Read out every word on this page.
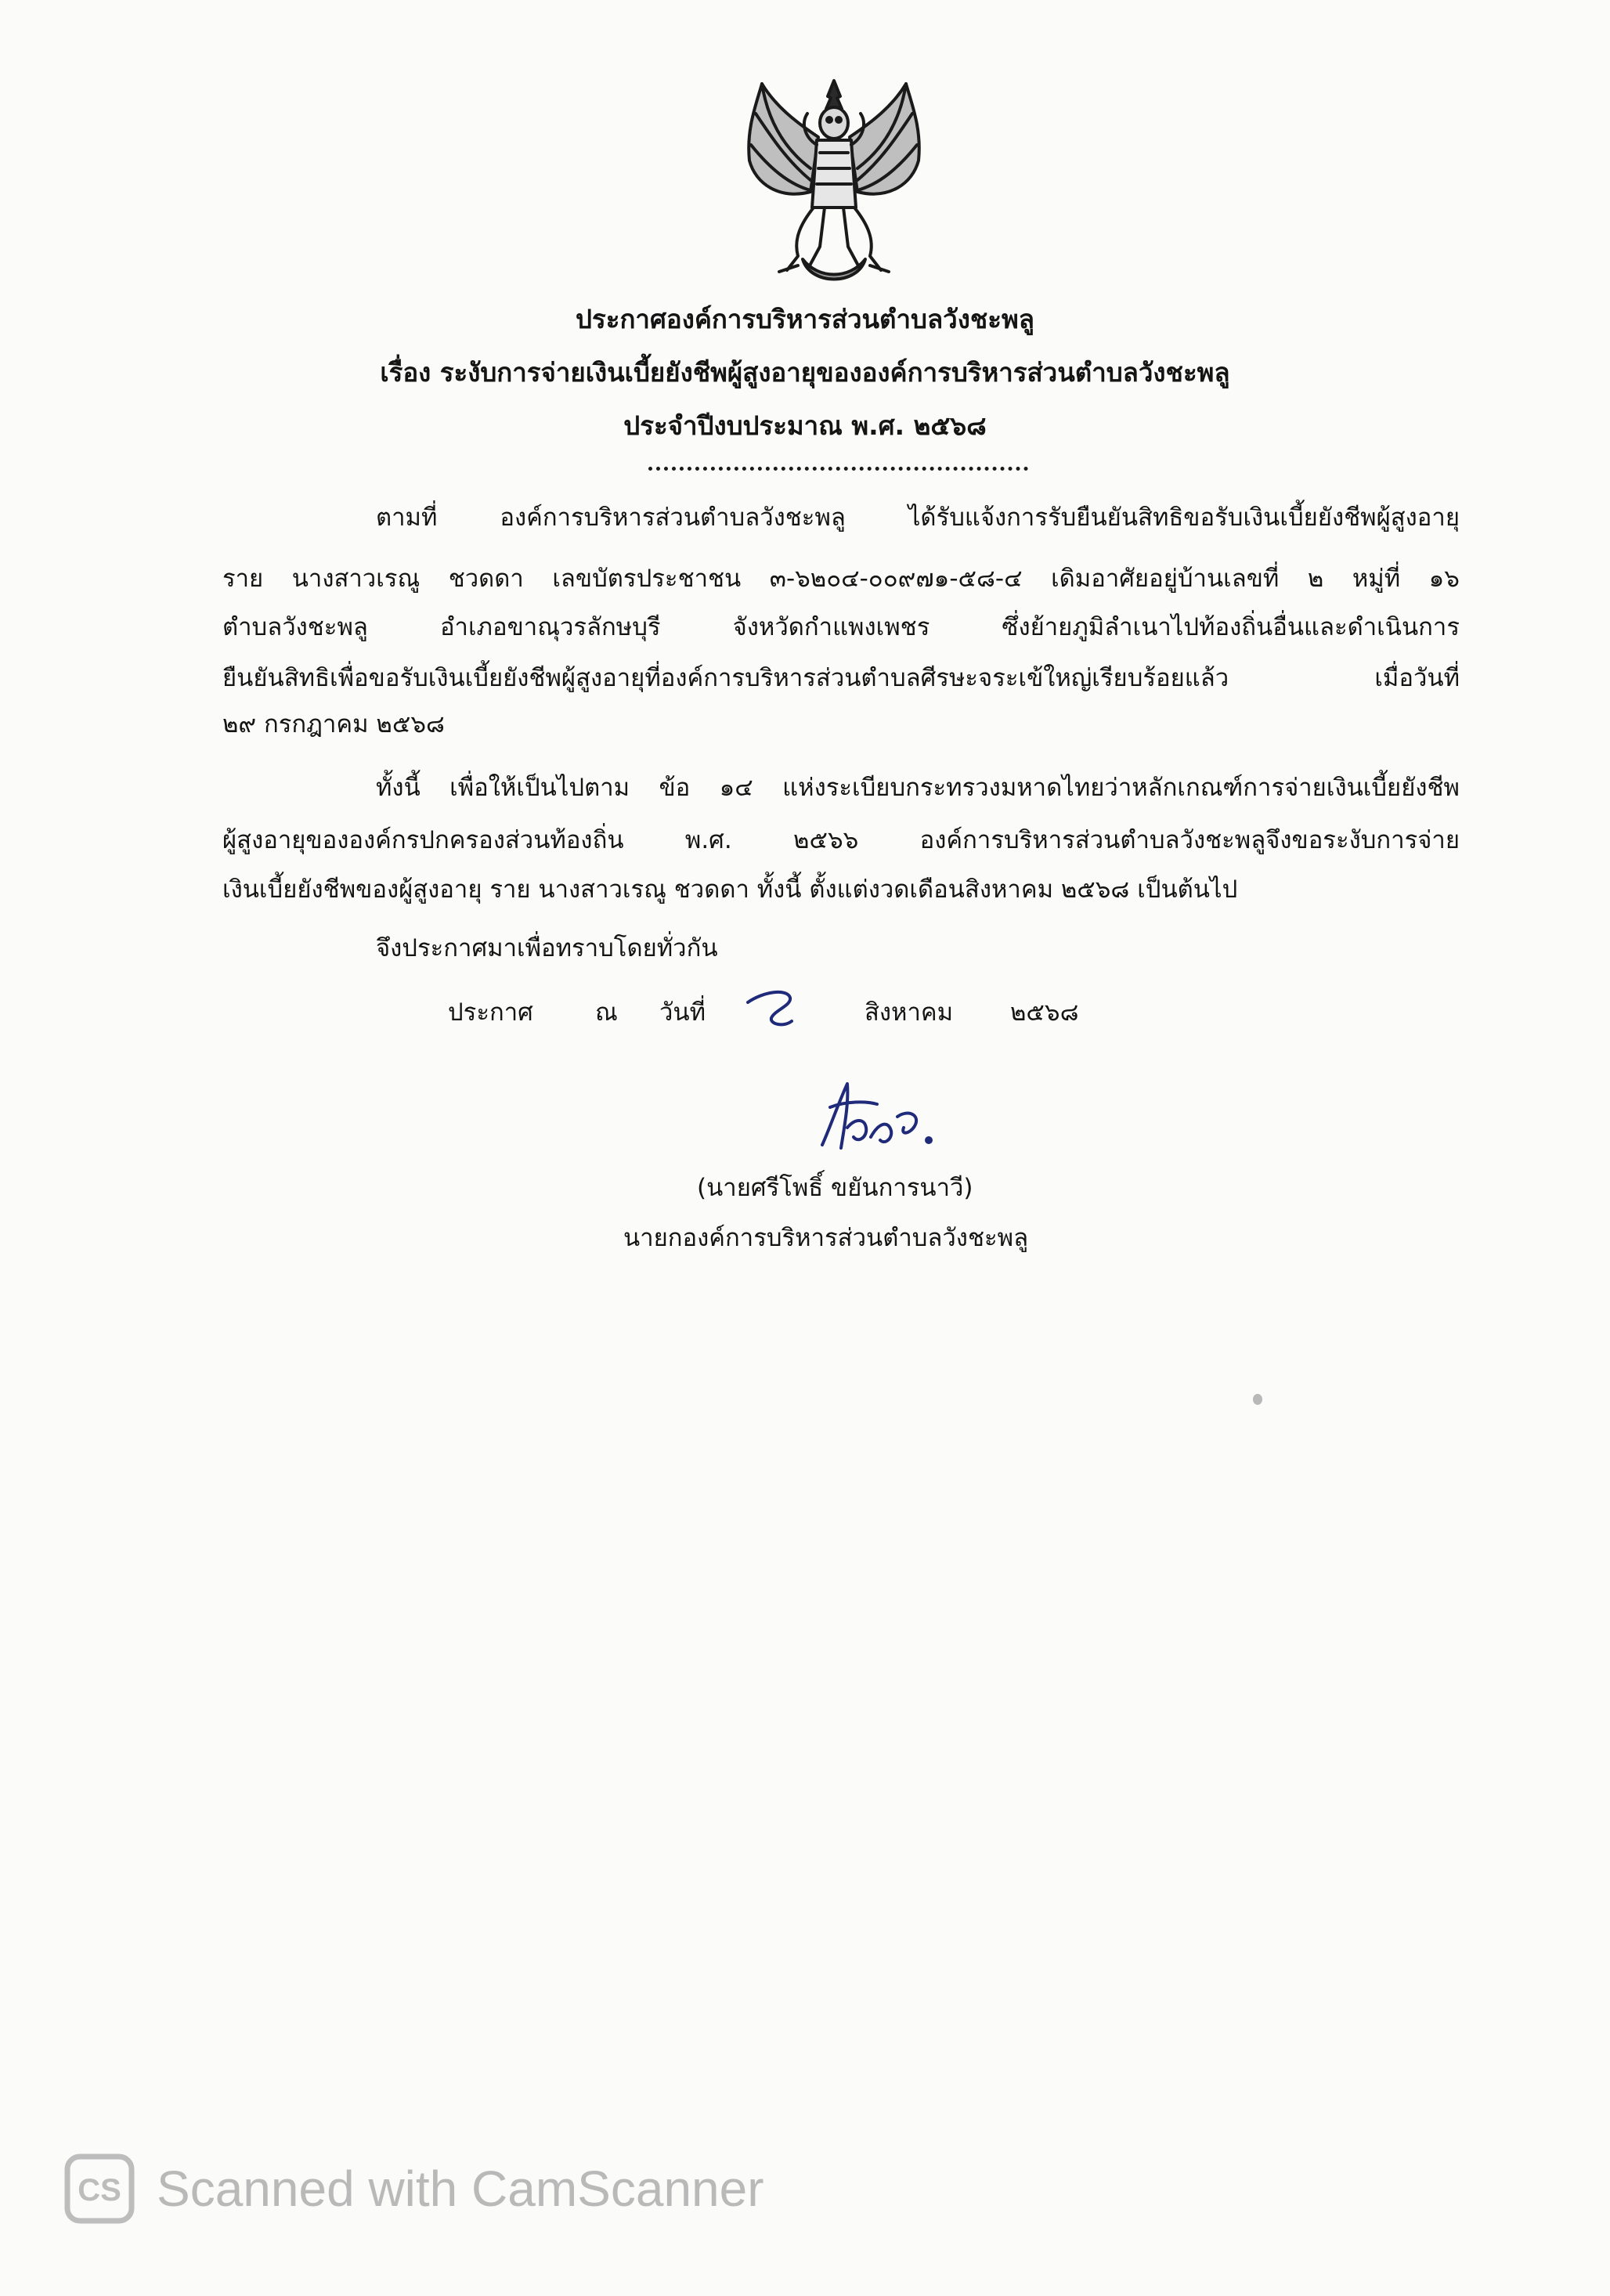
ประกาศองค์การบริหารส่วนตำบลวังชะพลู
เรื่อง ระงับการจ่ายเงินเบี้ยยังชีพผู้สูงอายุขององค์การบริหารส่วนตำบลวังชะพลู
ประจำปีงบประมาณ พ.ศ. ๒๕๖๘
ตามที่ องค์การบริหารส่วนตำบลวังชะพลู ได้รับแจ้งการรับยืนยันสิทธิขอรับเงินเบี้ยยังชีพผู้สูงอายุ
ราย นางสาวเรณู ชวดดา เลขบัตรประชาชน ๓-๖๒๐๔-๐๐๙๗๑-๕๘-๔ เดิมอาศัยอยู่บ้านเลขที่ ๒ หมู่ที่ ๑๖
ตำบลวังชะพลู อำเภอขาณุวรลักษบุรี จังหวัดกำแพงเพชร ซึ่งย้ายภูมิลำเนาไปท้องถิ่นอื่นและดำเนินการ
ยืนยันสิทธิเพื่อขอรับเงินเบี้ยยังชีพผู้สูงอายุที่องค์การบริหารส่วนตำบลศีรษะจระเข้ใหญ่เรียบร้อยแล้ว เมื่อวันที่
๒๙ กรกฎาคม ๒๕๖๘
ทั้งนี้ เพื่อให้เป็นไปตาม ข้อ ๑๔ แห่งระเบียบกระทรวงมหาดไทยว่าหลักเกณฑ์การจ่ายเงินเบี้ยยังชีพ
ผู้สูงอายุขององค์กรปกครองส่วนท้องถิ่น พ.ศ. ๒๕๖๖ องค์การบริหารส่วนตำบลวังชะพลูจึงขอระงับการจ่าย
เงินเบี้ยยังชีพของผู้สูงอายุ ราย นางสาวเรณู ชวดดา ทั้งนี้ ตั้งแต่งวดเดือนสิงหาคม ๒๕๖๘ เป็นต้นไป
จึงประกาศมาเพื่อทราบโดยทั่วกัน
ประกาศ	ณ วันที่	สิงหาคม ๒๕๖๘
(นายศรีโพธิ์ ขยันการนาวี)
นายกองค์การบริหารส่วนตำบลวังชะพลู
CS Scanned with CamScanner
